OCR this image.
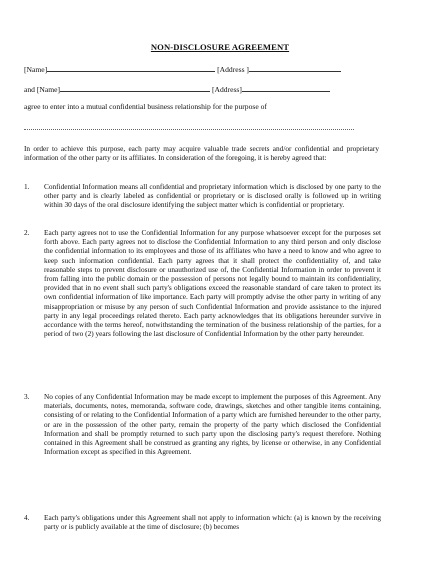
NON-DISCLOSURE AGREEMENT
[Name]	[Address ]
and [Name]	[Address]
agree to enter into a mutual confidential business relationship for the purpose of
In order to achieve this purpose, each party may acquire valuable trade secrets and/or confidential and proprietary information of the other party or its affiliates. In consideration of the foregoing, it is hereby agreed that:
1.	Confidential Information means all confidential and proprietary information which is disclosed by one party to the other party and is clearly labeled as confidential or proprietary or is disclosed orally is followed up in writing within 30 days of the oral disclosure identifying the subject matter which is confidential or proprietary.
2.	Each party agrees not to use the Confidential Information for any purpose whatsoever except for the purposes set forth above. Each party agrees not to disclose the Confidential Information to any third person and only disclose the confidential information to its employees and those of its affiliates who have a need to know and who agree to keep such information confidential. Each party agrees that it shall protect the confidentiality of, and take reasonable steps to prevent disclosure or unauthorized use of, the Confidential Information in order to prevent it from falling into the public domain or the possession of persons not legally bound to maintain its confidentiality, provided that in no event shall such party's obligations exceed the reasonable standard of care taken to protect its own confidential information of like importance. Each party will promptly advise the other party in writing of any misappropriation or misuse by any person of such Confidential Information and provide assistance to the injured party in any legal proceedings related thereto. Each party acknowledges that its obligations hereunder survive in accordance with the terms hereof, notwithstanding the termination of the business relationship of the parties, for a period of two (2) years following the last disclosure of Confidential Information by the other party hereunder.
3.	No copies of any Confidential Information may be made except to implement the purposes of this Agreement. Any materials, documents, notes, memoranda, software code, drawings, sketches and other tangible items containing, consisting of or relating to the Confidential Information of a party which are furnished hereunder to the other party, or are in the possession of the other party, remain the property of the party which disclosed the Confidential Information and shall be promptly returned to such party upon the disclosing party's request therefore. Nothing contained in this Agreement shall be construed as granting any rights, by license or otherwise, in any Confidential Information except as specified in this Agreement.
4.	Each party's obligations under this Agreement shall not apply to information which: (a) is known by the receiving party or is publicly available at the time of disclosure; (b) becomes
